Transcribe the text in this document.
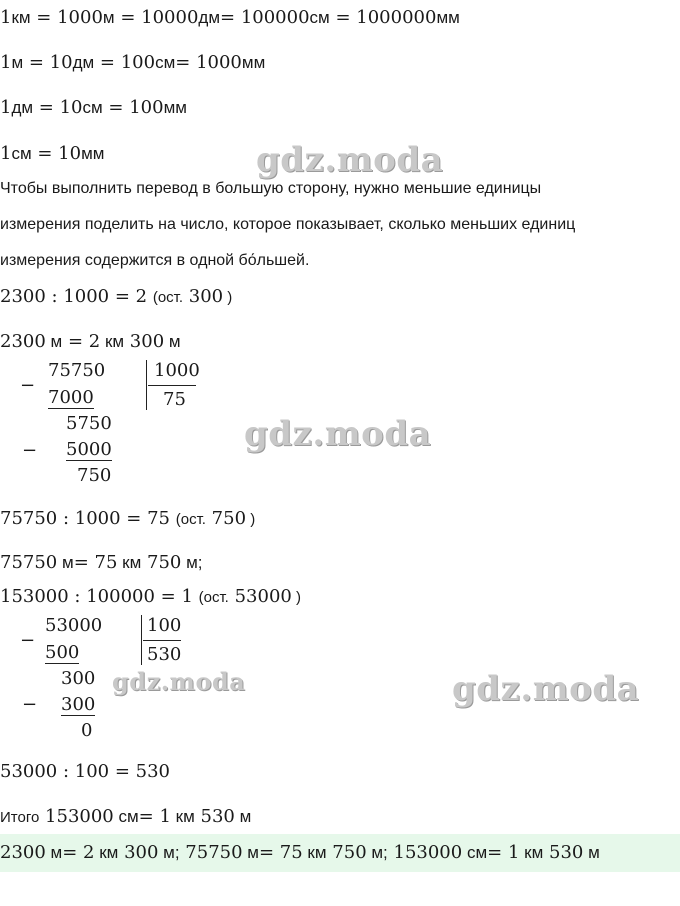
gdz.moda
gdz.moda
gdz.moda	gdz.moda
1км = 1000м = 10000дм= 100000см = 1000000мм
1м = 10дм = 100см= 1000мм
1дм = 10см = 100мм
1см = 10мм
Чтобы выполнить перевод в большую сторону, нужно меньшие единицы
измерения поделить на число, которое показывает, сколько меньших единиц
измерения содержится в одной бо́льшей.
2300 : 1000 = 2 (ост. 300 )
2300 м = 2 км 300 м
−
75750
7000
1000
75
5750
− 5000
750
75750 : 1000 = 75 (ост. 750 )
75750 м= 75 км 750 м;
153000 : 100000 = 1 (ост. 53000 )
−
53000
500
100
530
300
− 300
0
53000 : 100 = 530
Итого 153000 см= 1 км 530 м
2300 м= 2 км 300 м; 75750 м= 75 км 750 м; 153000 см= 1 км 530 м
